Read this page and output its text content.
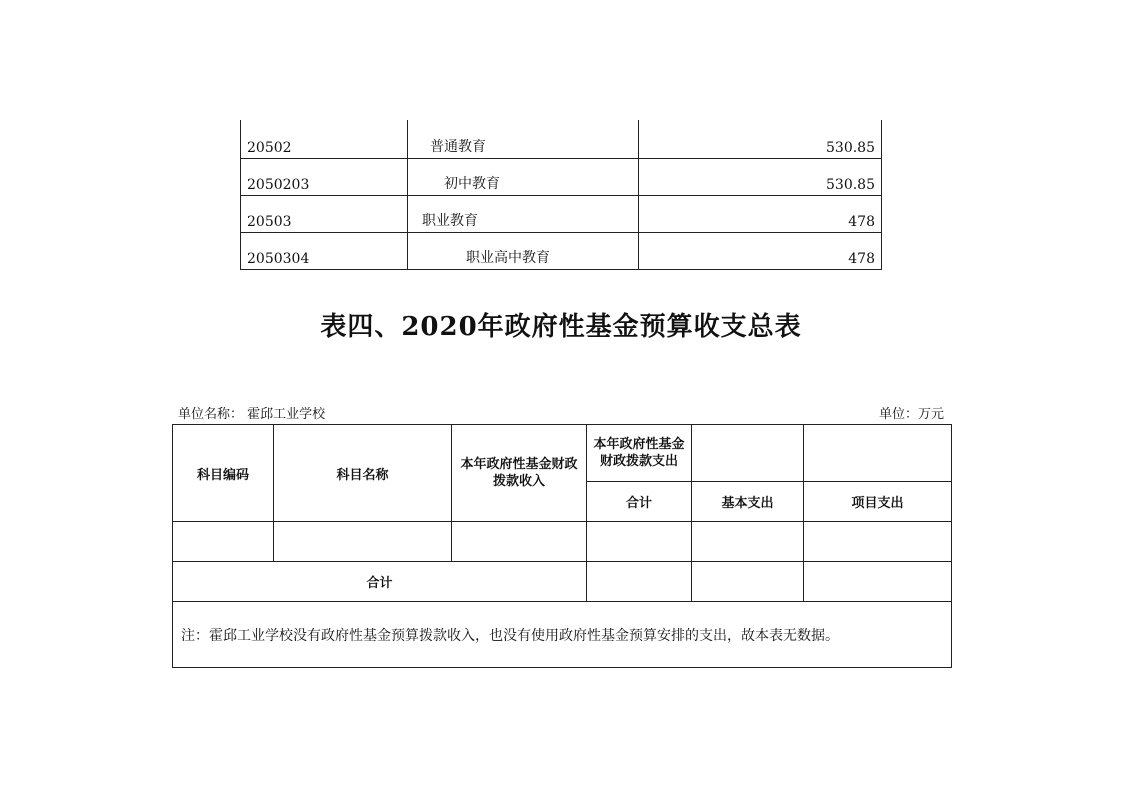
20502	普通教育	530.85
2050203	初中教育	530.85
20503	职业教育	478
2050304	职业高中教育	478
表四、2020年政府性基金预算收支总表
单位名称： 霍邱工业学校	单位：万元
科目编码	科目名称	本年政府性基金财政拨款收入	本年政府性基金财政拨款支出		
			合计	基本支出	项目支出

合计					
注：霍邱工业学校没有政府性基金预算拨款收入，也没有使用政府性基金预算安排的支出，故本表无数据。					
